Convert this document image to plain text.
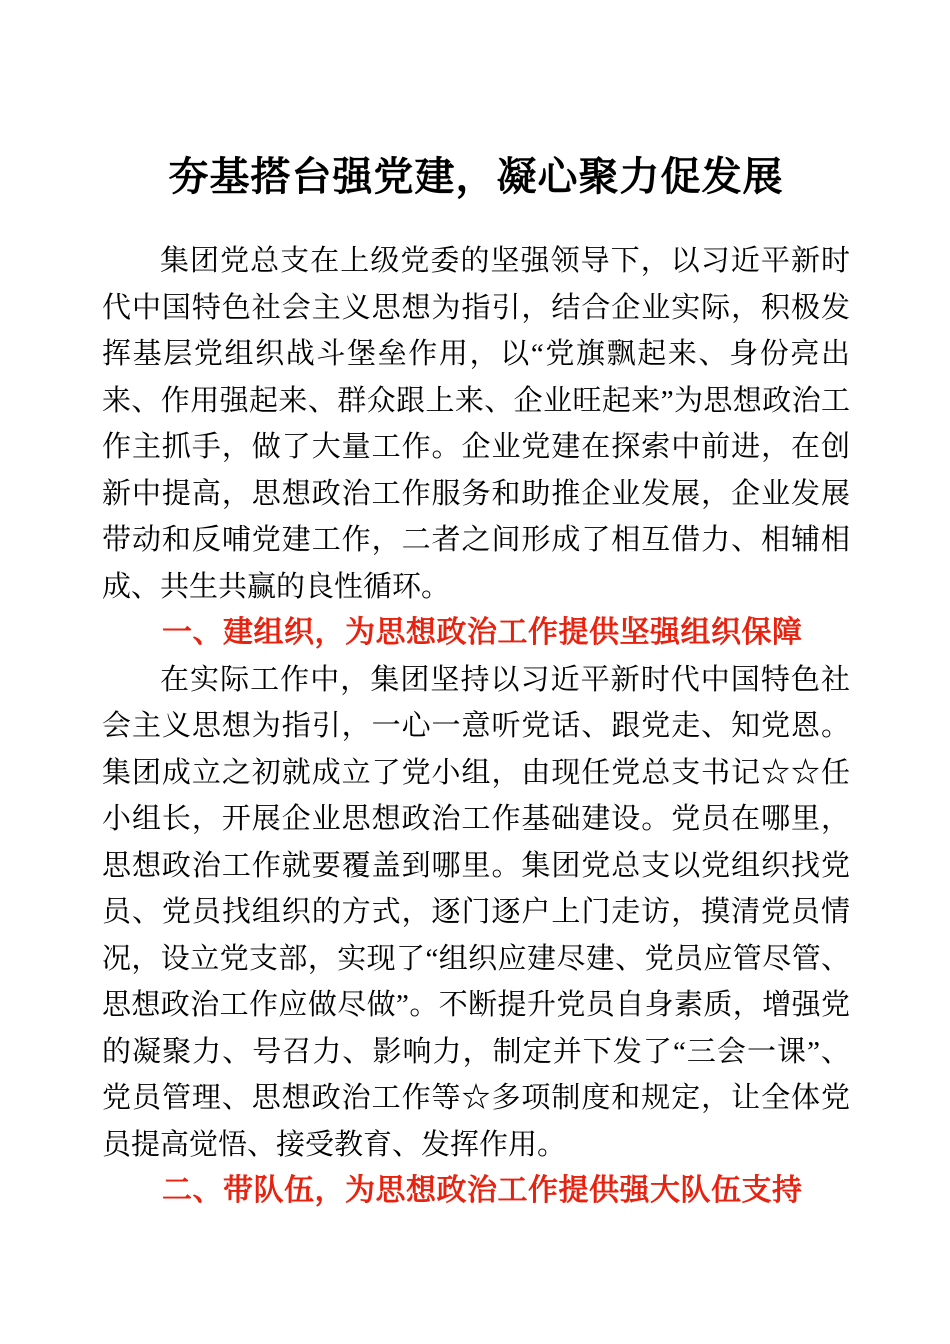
夯基搭台强党建，凝心聚力促发展

集团党总支在上级党委的坚强领导下，以习近平新时代中国特色社会主义思想为指引，结合企业实际，积极发挥基层党组织战斗堡垒作用，以“党旗飘起来、身份亮出来、作用强起来、群众跟上来、企业旺起来”为思想政治工作主抓手，做了大量工作。企业党建在探索中前进，在创新中提高，思想政治工作服务和助推企业发展，企业发展带动和反哺党建工作，二者之间形成了相互借力、相辅相成、共生共赢的良性循环。

一、建组织，为思想政治工作提供坚强组织保障

在实际工作中，集团坚持以习近平新时代中国特色社会主义思想为指引，一心一意听党话、跟党走、知党恩。集团成立之初就成立了党小组，由现任党总支书记☆☆任小组长，开展企业思想政治工作基础建设。党员在哪里，思想政治工作就要覆盖到哪里。集团党总支以党组织找党员、党员找组织的方式，逐门逐户上门走访，摸清党员情况，设立党支部，实现了“组织应建尽建、党员应管尽管、思想政治工作应做尽做”。不断提升党员自身素质，增强党的凝聚力、号召力、影响力，制定并下发了“三会一课”、党员管理、思想政治工作等☆多项制度和规定，让全体党员提高觉悟、接受教育、发挥作用。

二、带队伍，为思想政治工作提供强大队伍支持
